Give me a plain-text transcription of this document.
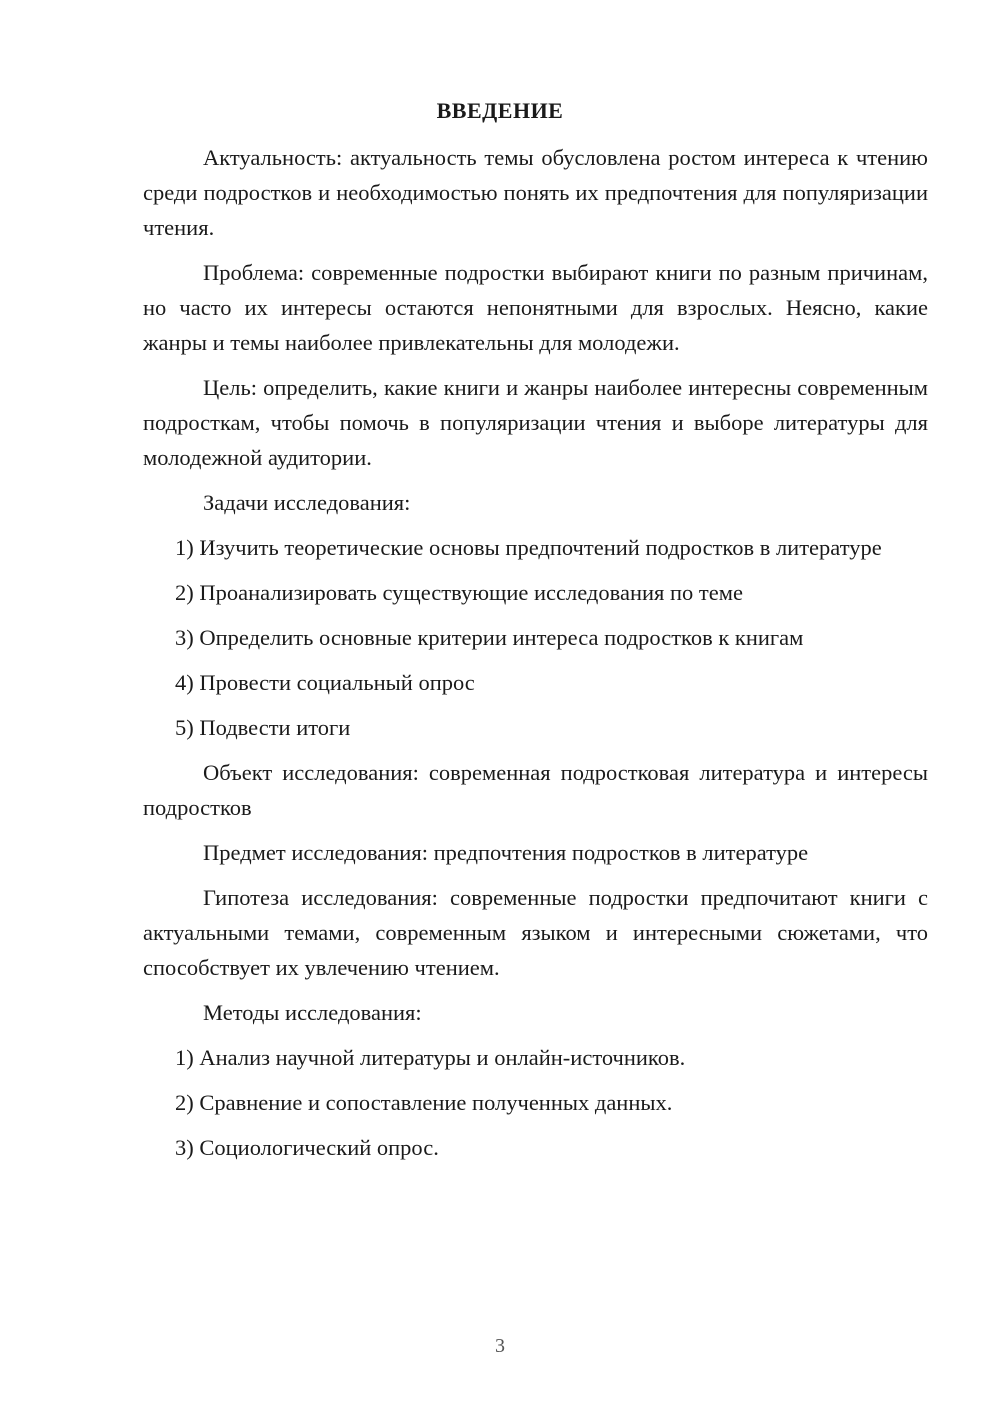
ВВЕДЕНИЕ

Актуальность: актуальность темы обусловлена ростом интереса к чтению среди подростков и необходимостью понять их предпочтения для популяризации чтения.

Проблема: современные подростки выбирают книги по разным причинам, но часто их интересы остаются непонятными для взрослых. Неясно, какие жанры и темы наиболее привлекательны для молодежи.

Цель: определить, какие книги и жанры наиболее интересны современным подросткам, чтобы помочь в популяризации чтения и выборе литературы для молодежной аудитории.

Задачи исследования:

1) Изучить теоретические основы предпочтений подростков в литературе

2) Проанализировать существующие исследования по теме

3) Определить основные критерии интереса подростков к книгам

4) Провести социальный опрос

5) Подвести итоги

Объект исследования: современная подростковая литература и интересы подростков

Предмет исследования: предпочтения подростков в литературе

Гипотеза исследования: современные подростки предпочитают книги с актуальными темами, современным языком и интересными сюжетами, что способствует их увлечению чтением.

Методы исследования:

1) Анализ научной литературы и онлайн-источников.

2) Сравнение и сопоставление полученных данных.

3) Социологический опрос.

3
